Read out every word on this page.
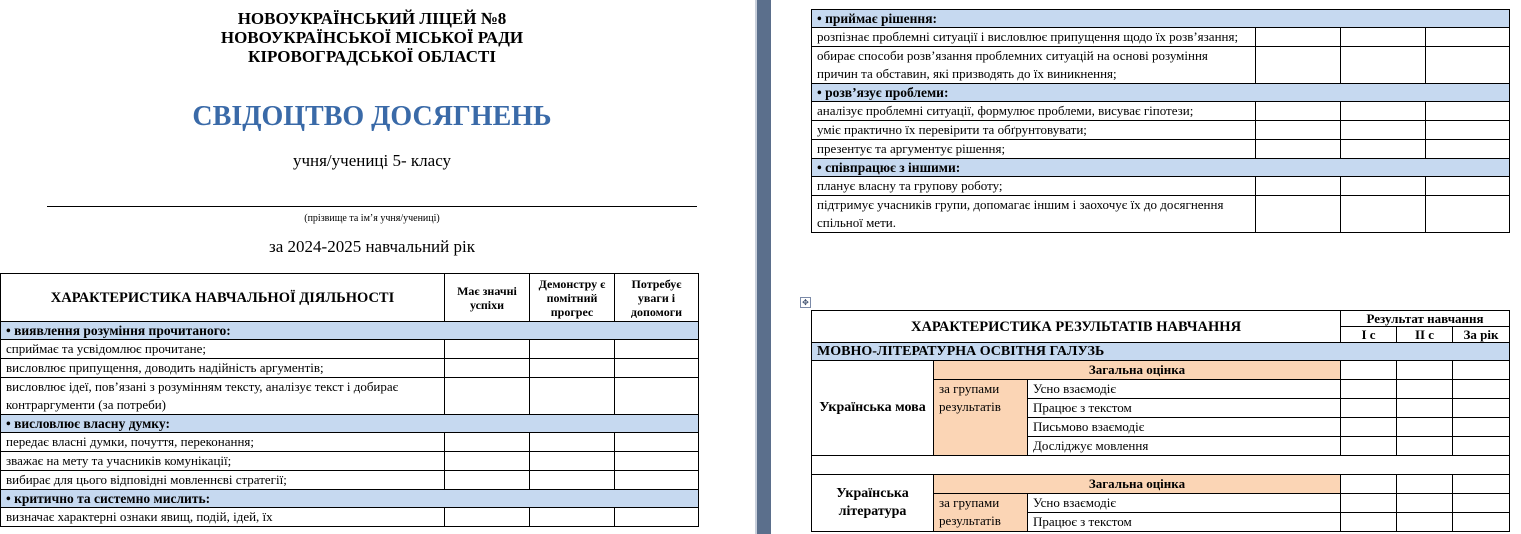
НОВОУКРАЇНСЬКИЙ ЛІЦЕЙ №8
НОВОУКРАЇНСЬКОЇ МІСЬКОЇ РАДИ
КІРОВОГРАДСЬКОЇ ОБЛАСТІ
СВІДОЦТВО ДОСЯГНЕНЬ
учня/учениці 5- класу
(прізвище та ім’я учня/учениці)
за 2024-2025 навчальний рік
ХАРАКТЕРИСТИКА НАВЧАЛЬНОЇ ДІЯЛЬНОСТІ	Має значні успіхи	Демонстру є помітний прогрес	Потребує уваги і допомоги
• виявлення розуміння прочитаного:			
сприймає та усвідомлює прочитане;			
висловлює припущення, доводить надійність аргументів;			
висловлює ідеї, пов’язані з розумінням тексту, аналізує текст і добирає контраргументи (за потреби)			
• висловлює власну думку:			
передає власні думки, почуття, переконання;			
зважає на мету та учасників комунікації;			
вибирає для цього відповідні мовленнєві стратегії;			
• критично та системно мислить:			
визначає характерні ознаки явищ, подій, ідей, їх			
• приймає рішення:			
розпізнає проблемні ситуації і висловлює припущення щодо їх розв’язання;			
обирає способи розв’язання проблемних ситуацій на основі розуміння причин та обставин, які призводять до їх виникнення;			
• розв’язує проблеми:			
аналізує проблемні ситуації, формулює проблеми, висуває гіпотези;			
уміє практично їх перевірити та обґрунтовувати;			
презентує та аргументує рішення;			
• співпрацює з іншими:			
планує власну та групову роботу;			
підтримує учасників групи, допомагає іншим і заохочує їх до досягнення спільної мети.			
✥
ХАРАКТЕРИСТИКА РЕЗУЛЬТАТІВ НАВЧАННЯ			Результат навчання		
			І с	ІІ с	За рік
МОВНО-ЛІТЕРАТУРНА ОСВІТНЯ ГАЛУЗЬ					
Українська мова	Загальна оцінка				
	за групами результатів	Усно взаємодіє			
		Працює з текстом			
		Письмово взаємодіє			
		Досліджує мовлення			

Українська література	Загальна оцінка				
	за групами результатів	Усно взаємодіє			
		Працює з текстом			
